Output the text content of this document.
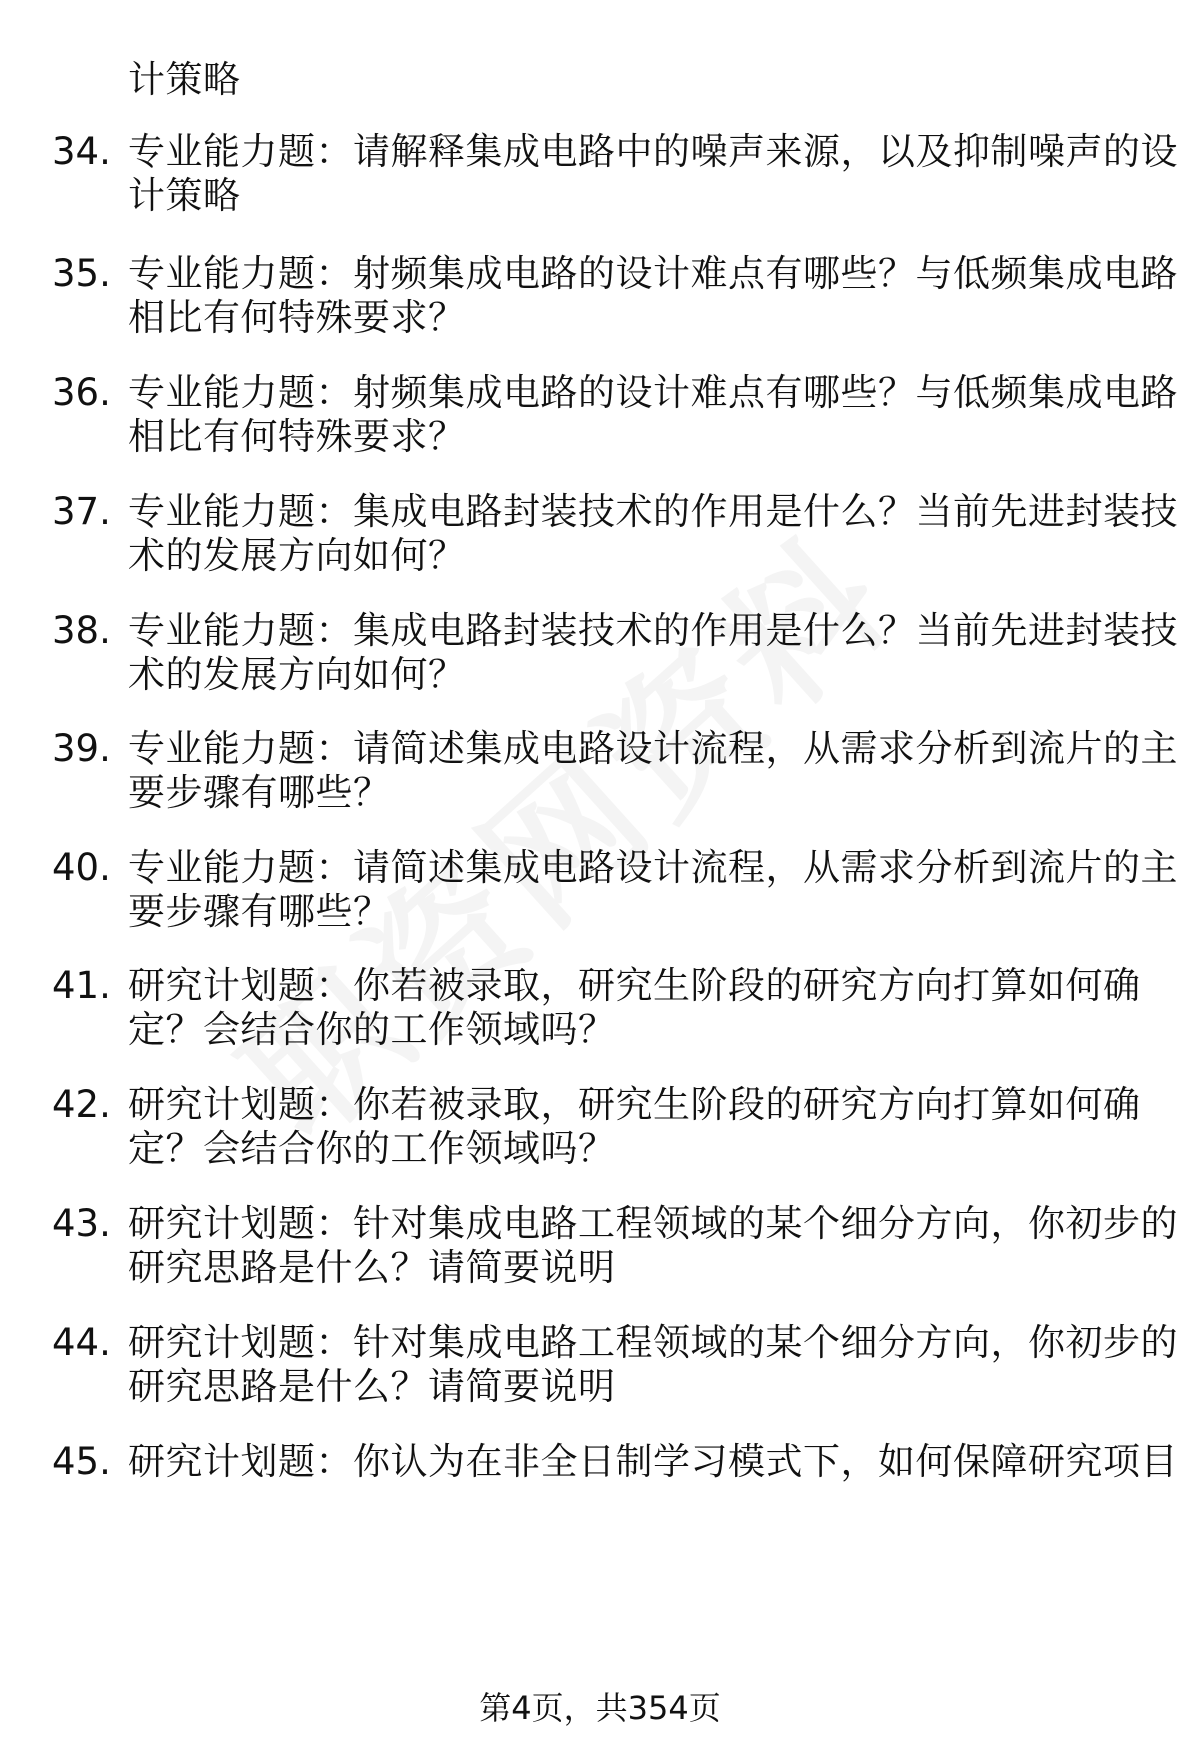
计策略
34. 专业能力题：请解释集成电路中的噪声来源，以及抑制噪声的设
计策略
35. 专业能力题：射频集成电路的设计难点有哪些？与低频集成电路
相比有何特殊要求？
36. 专业能力题：射频集成电路的设计难点有哪些？与低频集成电路
相比有何特殊要求？
37. 专业能力题：集成电路封装技术的作用是什么？当前先进封装技
术的发展方向如何？
38. 专业能力题：集成电路封装技术的作用是什么？当前先进封装技
术的发展方向如何？
39. 专业能力题：请简述集成电路设计流程，从需求分析到流片的主
要步骤有哪些？
40. 专业能力题：请简述集成电路设计流程，从需求分析到流片的主
要步骤有哪些？
41. 研究计划题：你若被录取，研究生阶段的研究方向打算如何确
定？会结合你的工作领域吗？
42. 研究计划题：你若被录取，研究生阶段的研究方向打算如何确
定？会结合你的工作领域吗？
43. 研究计划题：针对集成电路工程领域的某个细分方向，你初步的
研究思路是什么？请简要说明
44. 研究计划题：针对集成电路工程领域的某个细分方向，你初步的
研究思路是什么？请简要说明
45. 研究计划题：你认为在非全日制学习模式下，如何保障研究项目
第4页，共354页
